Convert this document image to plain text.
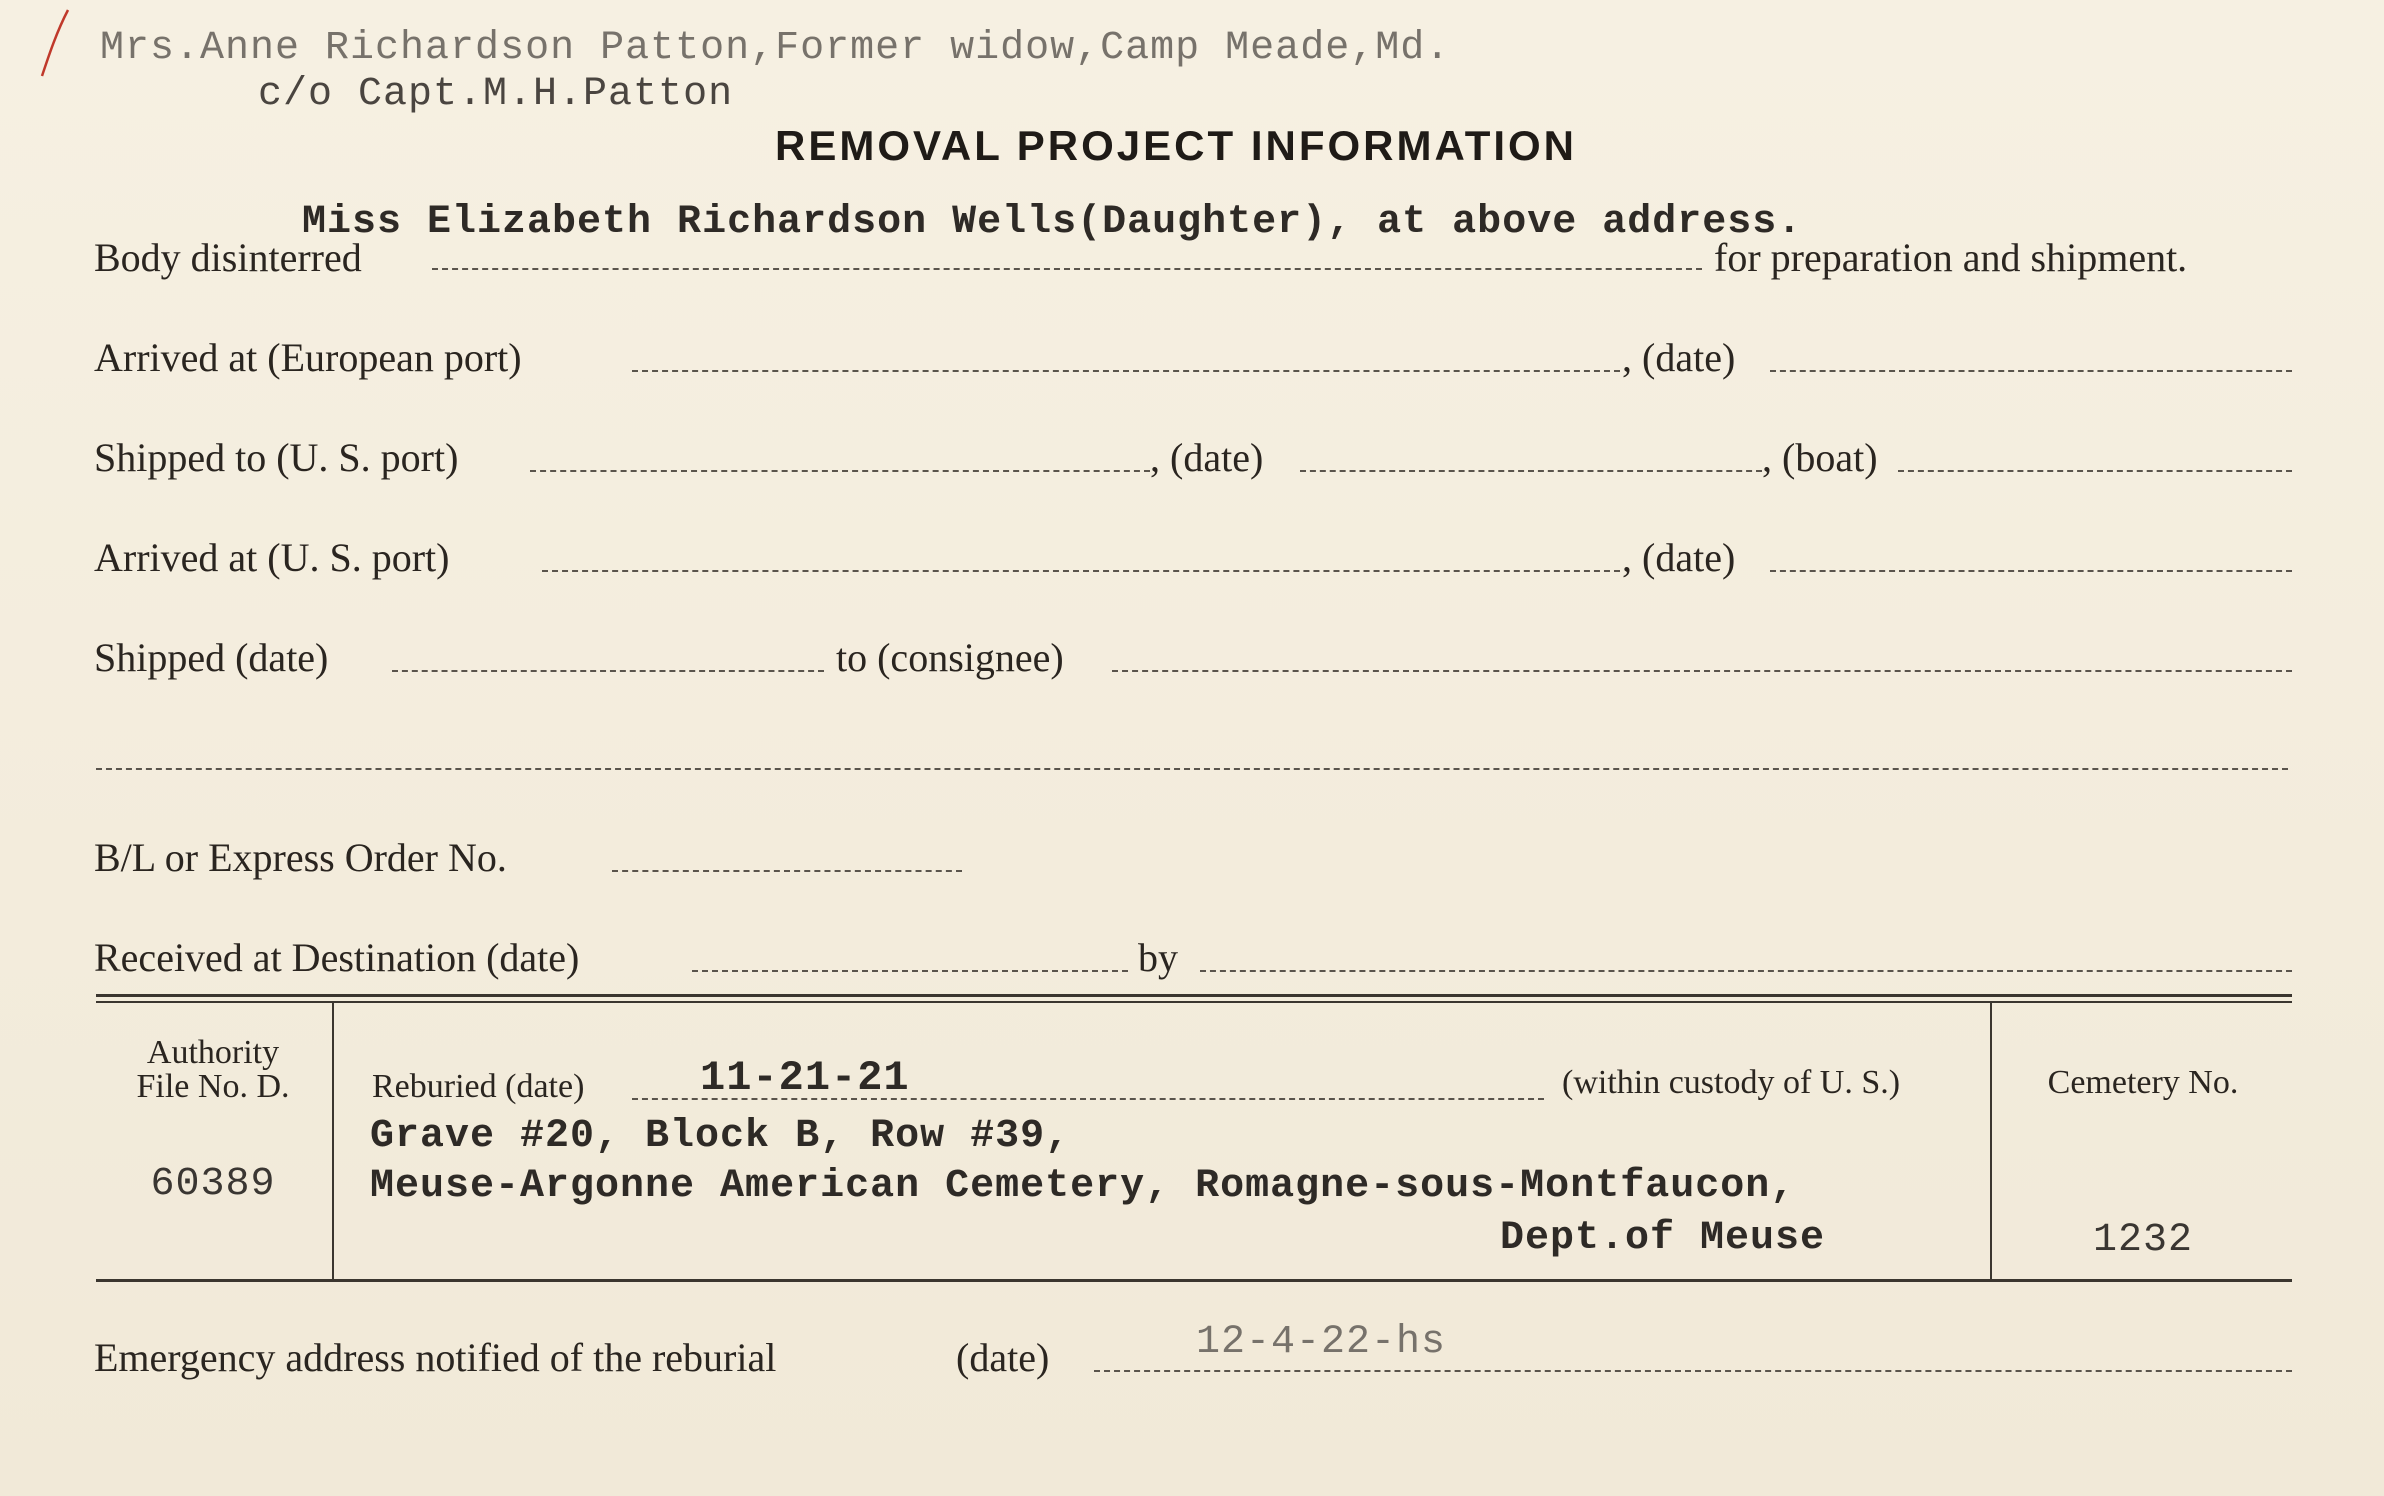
Mrs.Anne Richardson Patton,Former widow,Camp Meade,Md.
c/o Capt.M.H.Patton
REMOVAL PROJECT INFORMATION
Miss Elizabeth Richardson Wells(Daughter), at above address.
Body disinterred	for preparation and shipment.
Arrived at (European port)	, (date)
Shipped to (U. S. port)	, (date)	, (boat)
Arrived at (U. S. port)	, (date)
Shipped (date)	to (consignee)
B/L or Express Order No.
Received at Destination (date)	by
Authority
File No. D.
60389
Reburied (date)	11-21-21	(within custody of U. S.)
Grave #20, Block B, Row #39,
Meuse-Argonne American Cemetery, Romagne-sous-Montfaucon,
Dept.of Meuse
Cemetery No.
1232
Emergency address notified of the reburial	(date)	12-4-22-hs
